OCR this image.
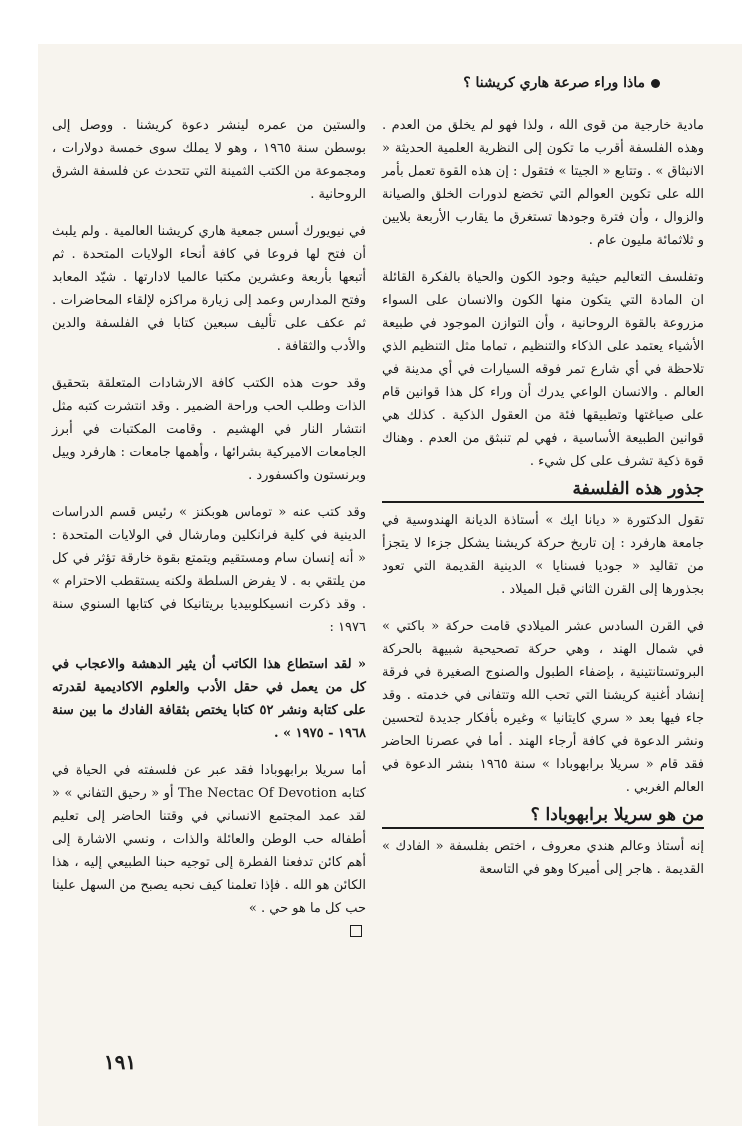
ماذا وراء صرعة هاري كريشنا ؟

مادية خارجية من قوى الله ، ولذا فهو لم يخلق من العدم . وهذه الفلسفة أقرب ما تكون إلى النظرية العلمية الحديثة « الانبثاق » . وتتابع « الجيتا » فتقول : إن هذه القوة تعمل بأمر الله على تكوين العوالم التي تخضع لدورات الخلق والصيانة والزوال ، وأن فترة وجودها تستغرق ما يقارب الأربعة بلايين و ثلاثمائة مليون عام .

وتفلسف التعاليم حيثية وجود الكون والحياة بالفكرة القائلة ان المادة التي يتكون منها الكون والانسان على السواء مزروعة بالقوة الروحانية ، وأن التوازن الموجود في طبيعة الأشياء يعتمد على الذكاء والتنظيم ، تماما مثل التنظيم الذي تلاحظة في أي شارع تمر فوقه السيارات في أي مدينة في العالم . والانسان الواعي يدرك أن وراء كل هذا قوانين قام على صياغتها وتطبيقها فئة من العقول الذكية . كذلك هي قوانين الطبيعة الأساسية ، فهي لم تنبثق من العدم . وهناك قوة ذكية تشرف على كل شيء .

جذور هذه الفلسفة

تقول الدكتورة « ديانا ايك » أستاذة الديانة الهندوسية في جامعة هارفرد : إن تاريخ حركة كريشنا يشكل جزءا لا يتجزأ من تقاليد « جوديا فسنايا » الدينية القديمة التي تعود بجذورها إلى القرن الثاني قبل الميلاد .

في القرن السادس عشر الميلادي قامت حركة « باكتي » في شمال الهند ، وهي حركة تصحيحية شبيهة بالحركة البروتستانتينية ، بإضفاء الطبول والصنوج الصغيرة في فرقة إنشاد أغنية كريشنا التي تحب الله وتتفانى في خدمته . وقد جاء فيها بعد « سري كايتانيا » وغيره بأفكار جديدة لتحسين ونشر الدعوة في كافة أرجاء الهند . أما في عصرنا الحاضر فقد قام « سريلا برابهوبادا » سنة ١٩٦٥ بنشر الدعوة في العالم الغربي .

من هو سريلا برابهوبادا ؟

إنه أستاذ وعالم هندي معروف ، اختص بفلسفة « الفادك » القديمة . هاجر إلى أميركا وهو في التاسعة

والستين من عمره لينشر دعوة كريشنا . ووصل إلى بوسطن سنة ١٩٦٥ ، وهو لا يملك سوى خمسة دولارات ، ومجموعة من الكتب الثمينة التي تتحدث عن فلسفة الشرق الروحانية .

في نيويورك أسس جمعية هاري كريشنا العالمية . ولم يلبث أن فتح لها فروعا في كافة أنحاء الولايات المتحدة . ثم أتبعها بأربعة وعشرين مكتبا عالميا لادارتها . شيّد المعابد وفتح المدارس وعمد إلى زيارة مراكزه لإلقاء المحاضرات . ثم عكف على تأليف سبعين كتابا في الفلسفة والدين والأدب والثقافة .

وقد حوت هذه الكتب كافة الارشادات المتعلقة بتحقيق الذات وطلب الحب وراحة الضمير . وقد انتشرت كتبه مثل انتشار النار في الهشيم . وقامت المكتبات في أبرز الجامعات الاميركية بشرائها ، وأهمها جامعات : هارفرد وييل وبرنستون واكسفورد .

وقد كتب عنه « توماس هوبكنز » رئيس قسم الدراسات الدينية في كلية فرانكلين ومارشال في الولايات المتحدة : « أنه إنسان سام ومستقيم ويتمتع بقوة خارقة تؤثر في كل من يلتقي به . لا يفرض السلطة ولكنه يستقطب الاحترام » . وقد ذكرت انسيكلوبيديا بريتانيكا في كتابها السنوي سنة ١٩٧٦ :

« لقد استطاع هذا الكاتب أن يثير الدهشة والاعجاب في كل من يعمل في حقل الأدب والعلوم الاكاديمية لقدرته على كتابة ونشر ٥٢ كتابا يختص بثقافة الفادك ما بين سنة ١٩٦٨ - ١٩٧٥ » .

أما سريلا برابهوبادا فقد عبر عن فلسفته في الحياة في كتابه The Nectac Of Devotion أو « رحيق التفاني » « لقد عمد المجتمع الانساني في وقتنا الحاضر إلى تعليم أطفاله حب الوطن والعائلة والذات ، ونسي الاشارة إلى أهم كائن تدفعنا الفطرة إلى توجيه حبنا الطبيعي إليه ، هذا الكائن هو الله . فإذا تعلمنا كيف نحبه يصبح من السهل علينا حب كل ما هو حي . »

١٩١
